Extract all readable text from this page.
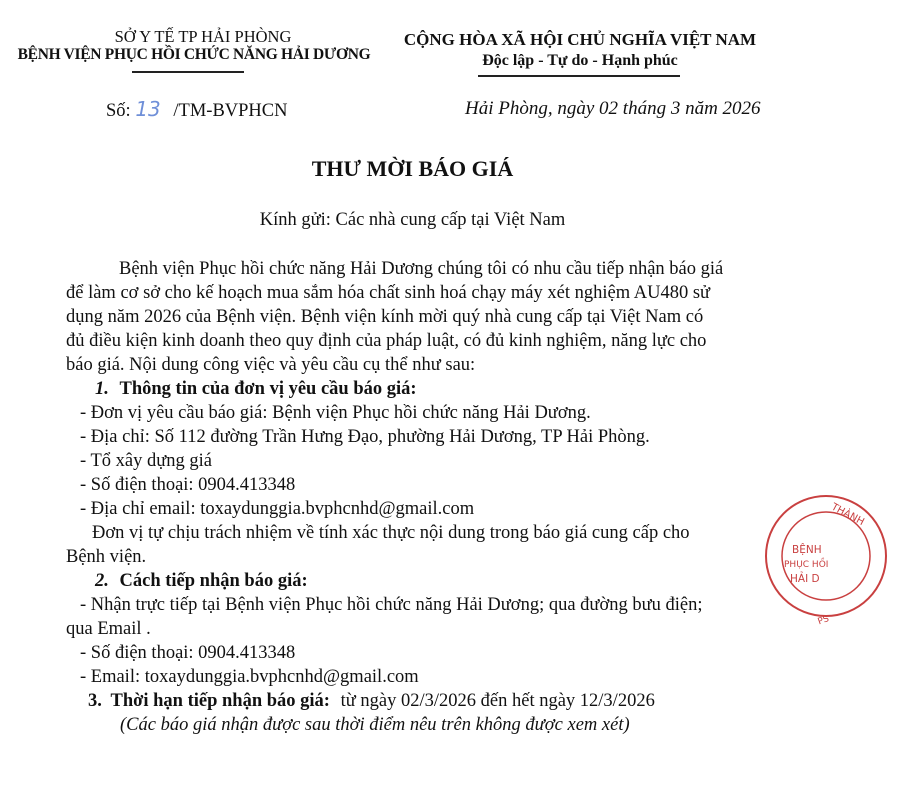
SỞ Y TẾ TP HẢI PHÒNG
BỆNH VIỆN PHỤC HỒI CHỨC NĂNG HẢI DƯƠNG
CỘNG HÒA XÃ HỘI CHỦ NGHĨA VIỆT NAM
Độc lập - Tự do - Hạnh phúc
Số: 13 /TM-BVPHCN	Hải Phòng, ngày 02 tháng 3 năm 2026
THƯ MỜI BÁO GIÁ
Kính gửi: Các nhà cung cấp tại Việt Nam
Bệnh viện Phục hồi chức năng Hải Dương chúng tôi có nhu cầu tiếp nhận báo giá
để làm cơ sở cho kế hoạch mua sắm hóa chất sinh hoá chạy máy xét nghiệm AU480 sử
dụng năm 2026 của Bệnh viện. Bệnh viện kính mời quý nhà cung cấp tại Việt Nam có
đủ điều kiện kinh doanh theo quy định của pháp luật, có đủ kinh nghiệm, năng lực cho
báo giá. Nội dung công việc và yêu cầu cụ thể như sau:
1. Thông tin của đơn vị yêu cầu báo giá:
- Đơn vị yêu cầu báo giá: Bệnh viện Phục hồi chức năng Hải Dương.
- Địa chỉ: Số 112 đường Trần Hưng Đạo, phường Hải Dương, TP Hải Phòng.
- Tổ xây dựng giá
- Số điện thoại: 0904.413348
- Địa chỉ email: toxaydunggia.bvphcnhd@gmail.com
Đơn vị tự chịu trách nhiệm về tính xác thực nội dung trong báo giá cung cấp cho
Bệnh viện.
2. Cách tiếp nhận báo giá:
- Nhận trực tiếp tại Bệnh viện Phục hồi chức năng Hải Dương; qua đường bưu điện;
qua Email .
- Số điện thoại: 0904.413348
- Email: toxaydunggia.bvphcnhd@gmail.com
3. Thời hạn tiếp nhận báo giá: từ ngày 02/3/2026 đến hết ngày 12/3/2026
(Các báo giá nhận được sau thời điểm nêu trên không được xem xét)
THÀNH
BỆNH
PHỤC HỒI
HẢI D
PS
